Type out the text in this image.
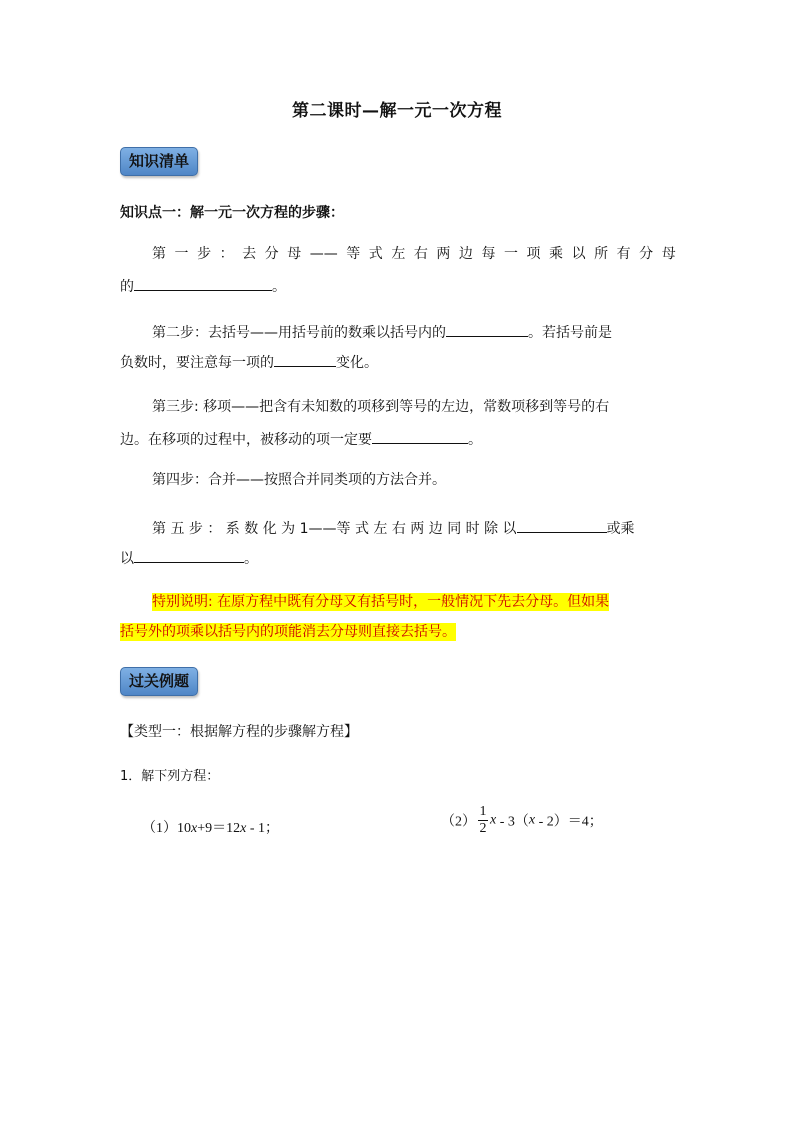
第二课时—解一元一次方程
知识清单
知识点一：解一元一次方程的步骤：
第 一 步 ： 去 分 母 —— 等 式 左 右 两 边 每 一 项 乘 以 所 有 分 母
的	。
第二步：去括号——用括号前的数乘以括号内的	。若括号前是
负数时，要注意每一项的	变化。
第三步: 移项——把含有未知数的项移到等号的左边，常数项移到等号的右
边。在移项的过程中，被移动的项一定要	。
第四步：合并——按照合并同类项的方法合并。
第 五 步 ： 系 数 化 为 1——等 式 左 右 两 边 同 时 除 以	或乘
以	。
特别说明: 在原方程中既有分母又有括号时，一般情况下先去分母。但如果
括号外的项乘以括号内的项能消去分母则直接去括号。
过关例题
【类型一：根据解方程的步骤解方程】
1．解下列方程：
（1）10x+9＝12x - 1；	$(2) \frac{1}{2}$ x - 3（x - 2）＝4；
